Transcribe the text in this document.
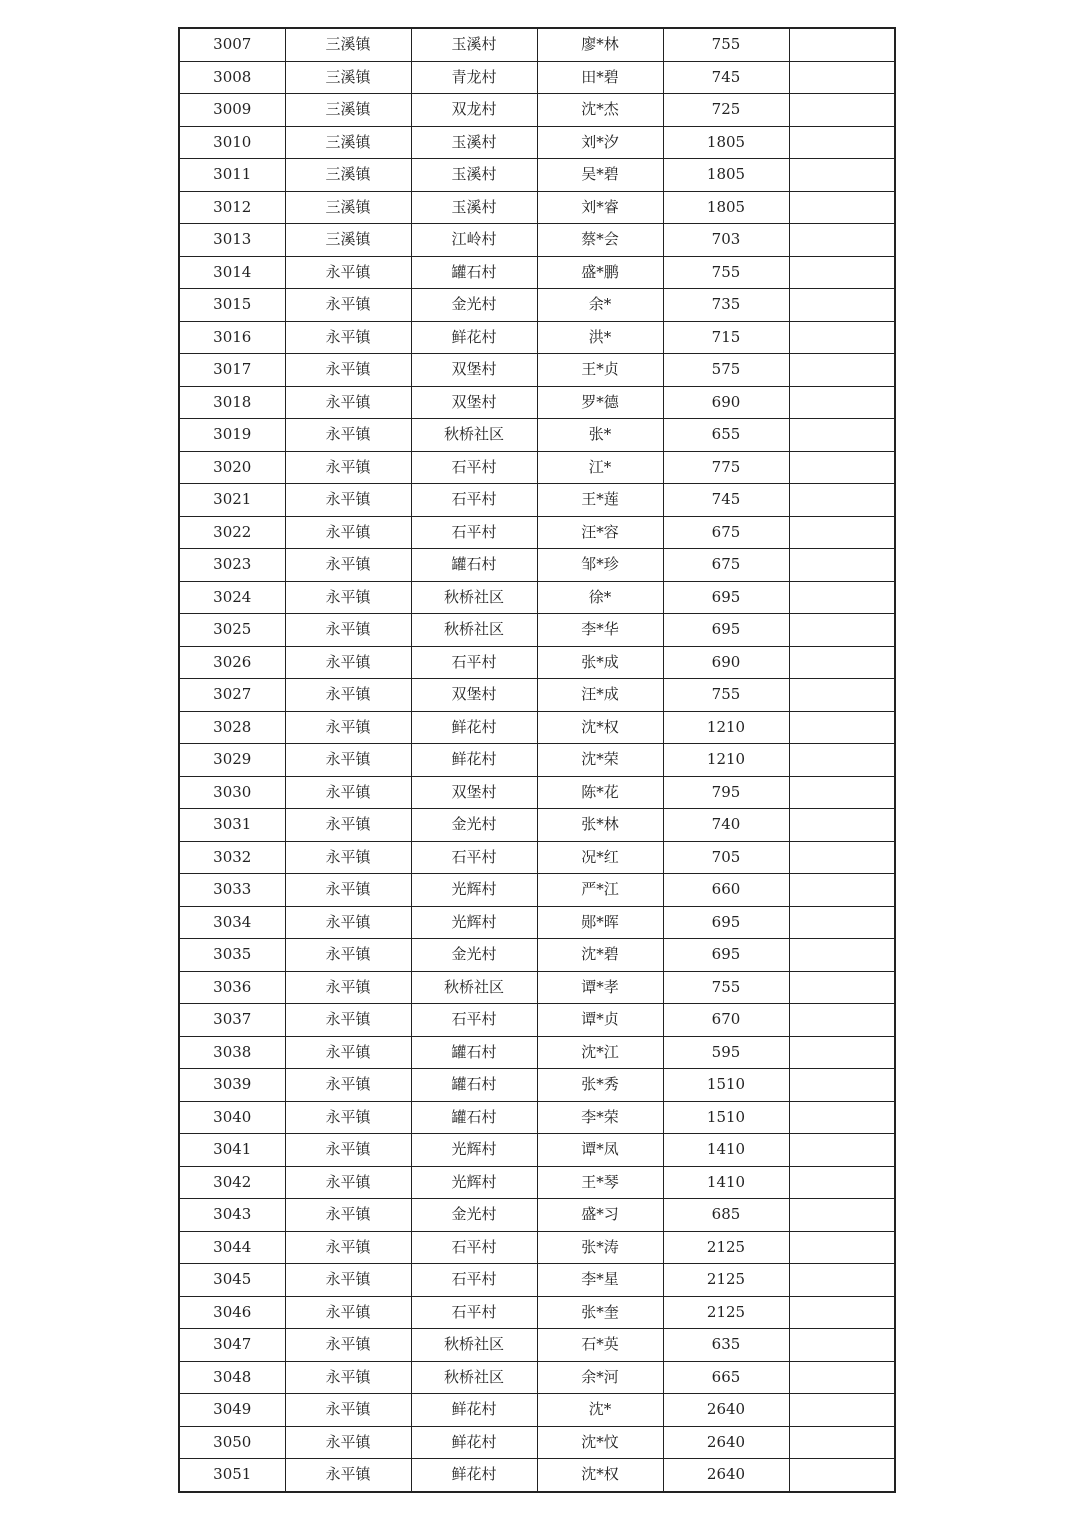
3007	三溪镇	玉溪村	廖*林	755	
3008	三溪镇	青龙村	田*碧	745	
3009	三溪镇	双龙村	沈*杰	725	
3010	三溪镇	玉溪村	刘*汐	1805	
3011	三溪镇	玉溪村	吴*碧	1805	
3012	三溪镇	玉溪村	刘*睿	1805	
3013	三溪镇	江岭村	蔡*会	703	
3014	永平镇	罐石村	盛*鹏	755	
3015	永平镇	金光村	余*	735	
3016	永平镇	鲜花村	洪*	715	
3017	永平镇	双堡村	王*贞	575	
3018	永平镇	双堡村	罗*德	690	
3019	永平镇	秋桥社区	张*	655	
3020	永平镇	石平村	江*	775	
3021	永平镇	石平村	王*莲	745	
3022	永平镇	石平村	汪*容	675	
3023	永平镇	罐石村	邹*珍	675	
3024	永平镇	秋桥社区	徐*	695	
3025	永平镇	秋桥社区	李*华	695	
3026	永平镇	石平村	张*成	690	
3027	永平镇	双堡村	汪*成	755	
3028	永平镇	鲜花村	沈*权	1210	
3029	永平镇	鲜花村	沈*荣	1210	
3030	永平镇	双堡村	陈*花	795	
3031	永平镇	金光村	张*林	740	
3032	永平镇	石平村	况*红	705	
3033	永平镇	光辉村	严*江	660	
3034	永平镇	光辉村	郧*晖	695	
3035	永平镇	金光村	沈*碧	695	
3036	永平镇	秋桥社区	谭*孝	755	
3037	永平镇	石平村	谭*贞	670	
3038	永平镇	罐石村	沈*江	595	
3039	永平镇	罐石村	张*秀	1510	
3040	永平镇	罐石村	李*荣	1510	
3041	永平镇	光辉村	谭*凤	1410	
3042	永平镇	光辉村	王*琴	1410	
3043	永平镇	金光村	盛*习	685	
3044	永平镇	石平村	张*涛	2125	
3045	永平镇	石平村	李*星	2125	
3046	永平镇	石平村	张*奎	2125	
3047	永平镇	秋桥社区	石*英	635	
3048	永平镇	秋桥社区	余*河	665	
3049	永平镇	鲜花村	沈*	2640	
3050	永平镇	鲜花村	沈*忟	2640	
3051	永平镇	鲜花村	沈*权	2640	
